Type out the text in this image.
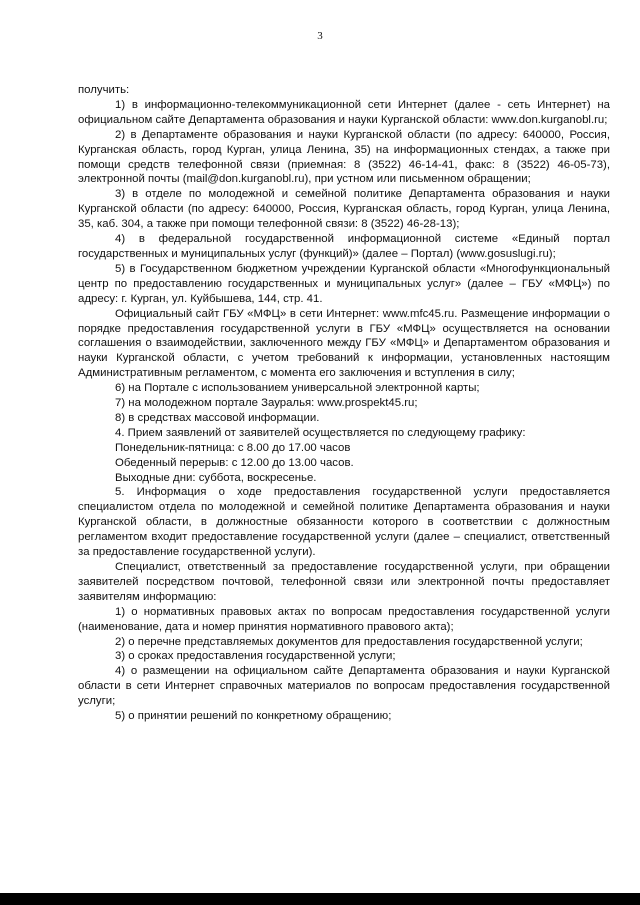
3

получить:

1) в информационно-телекоммуникационной сети Интернет (далее - сеть Интернет) на официальном сайте Департамента образования и науки Курганской области: www.don.kurganobl.ru;

2) в Департаменте образования и науки Курганской области (по адресу: 640000, Россия, Курганская область, город Курган, улица Ленина, 35) на информационных стендах, а также при помощи средств телефонной связи (приемная: 8 (3522) 46-14-41, факс: 8 (3522) 46-05-73), электронной почты (mail@don.kurganobl.ru), при устном или письменном обращении;

3) в отделе по молодежной и семейной политике Департамента образования и науки Курганской области (по адресу: 640000, Россия, Курганская область, город Курган, улица Ленина, 35, каб. 304, а также при помощи телефонной связи: 8 (3522) 46-28-13);

4) в федеральной государственной информационной системе «Единый портал государственных и муниципальных услуг (функций)» (далее – Портал) (www.gosuslugi.ru);

5) в Государственном бюджетном учреждении Курганской области «Многофункциональный центр по предоставлению государственных и муниципальных услуг» (далее – ГБУ «МФЦ») по адресу: г. Курган, ул. Куйбышева, 144, стр. 41.

Официальный сайт ГБУ «МФЦ» в сети Интернет: www.mfc45.ru. Размещение информации о порядке предоставления государственной услуги в ГБУ «МФЦ» осуществляется на основании соглашения о взаимодействии, заключенного между ГБУ «МФЦ» и Департаментом образования и науки Курганской области, с учетом требований к информации, установленных настоящим Административным регламентом, с момента его заключения и вступления в силу;

6) на Портале с использованием универсальной электронной карты;

7) на молодежном портале Зауралья: www.prospekt45.ru;

8) в средствах массовой информации.

4. Прием заявлений от заявителей осуществляется по следующему графику:

Понедельник-пятница: с 8.00 до 17.00 часов

Обеденный перерыв: с 12.00 до 13.00 часов.

Выходные дни: суббота, воскресенье.

5. Информация о ходе предоставления государственной услуги предоставляется специалистом отдела по молодежной и семейной политике Департамента образования и науки Курганской области, в должностные обязанности которого в соответствии с должностным регламентом входит предоставление государственной услуги (далее – специалист, ответственный за предоставление государственной услуги).

Специалист, ответственный за предоставление государственной услуги, при обращении заявителей посредством почтовой, телефонной связи или электронной почты предоставляет заявителям информацию:

1) о нормативных правовых актах по вопросам предоставления государственной услуги (наименование, дата и номер принятия нормативного правового акта);

2) о перечне представляемых документов для предоставления государственной услуги;

3) о сроках предоставления государственной услуги;

4) о размещении на официальном сайте Департамента образования и науки Курганской области в сети Интернет справочных материалов по вопросам предоставления государственной услуги;

5) о принятии решений по конкретному обращению;
